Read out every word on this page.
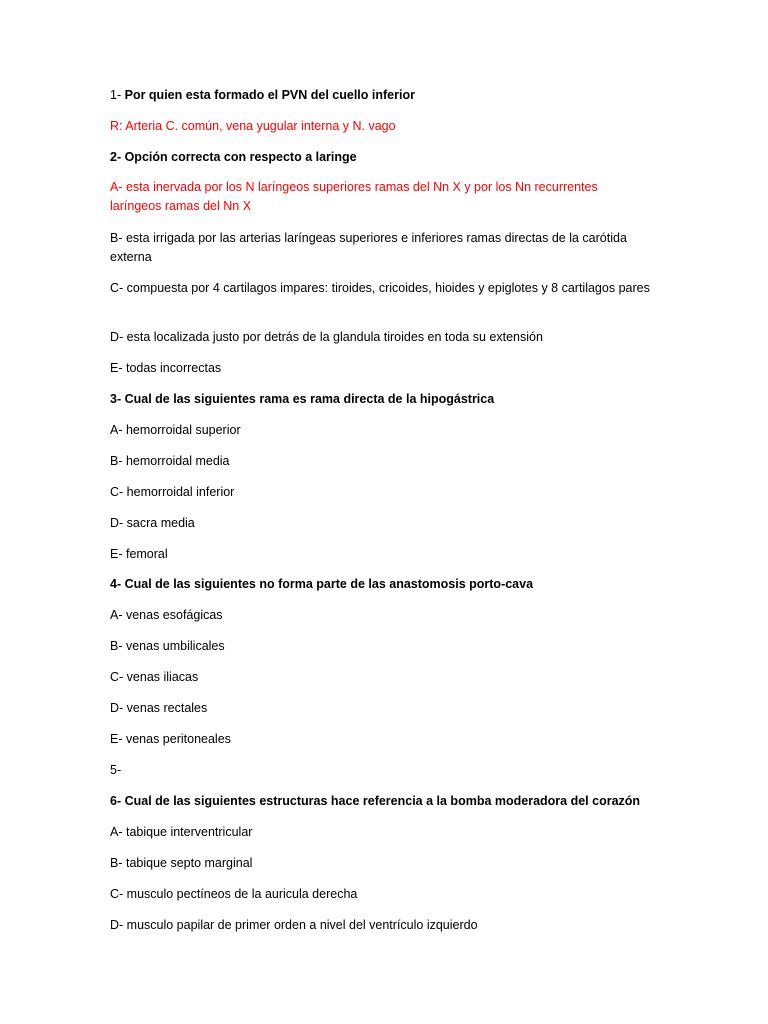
1- Por quien esta formado el PVN del cuello inferior
R: Arteria C. común, vena yugular interna y N. vago
2- Opción correcta con respecto a laringe
A- esta inervada por los N laríngeos superiores ramas del Nn X y por los Nn recurrentes laríngeos ramas del Nn X
B- esta irrigada por las arterias laríngeas superiores e inferiores ramas directas de la carótida externa
C- compuesta por 4 cartilagos impares: tiroides, cricoides, hioides y epiglotes y 8 cartilagos pares
D- esta localizada justo por detrás de la glandula tiroides en toda su extensión
E- todas incorrectas
3- Cual de las siguientes rama es rama directa de la hipogástrica
A- hemorroidal superior
B- hemorroidal media
C- hemorroidal inferior
D- sacra media
E- femoral
4- Cual de las siguientes no forma parte de las anastomosis porto-cava
A- venas esofágicas
B- venas umbilicales
C- venas iliacas
D- venas rectales
E- venas peritoneales
5-
6- Cual de las siguientes estructuras hace referencia a la bomba moderadora del corazón
A- tabique interventricular
B- tabique septo marginal
C- musculo pectíneos de la auricula derecha
D- musculo papilar de primer orden a nivel del ventrículo izquierdo
